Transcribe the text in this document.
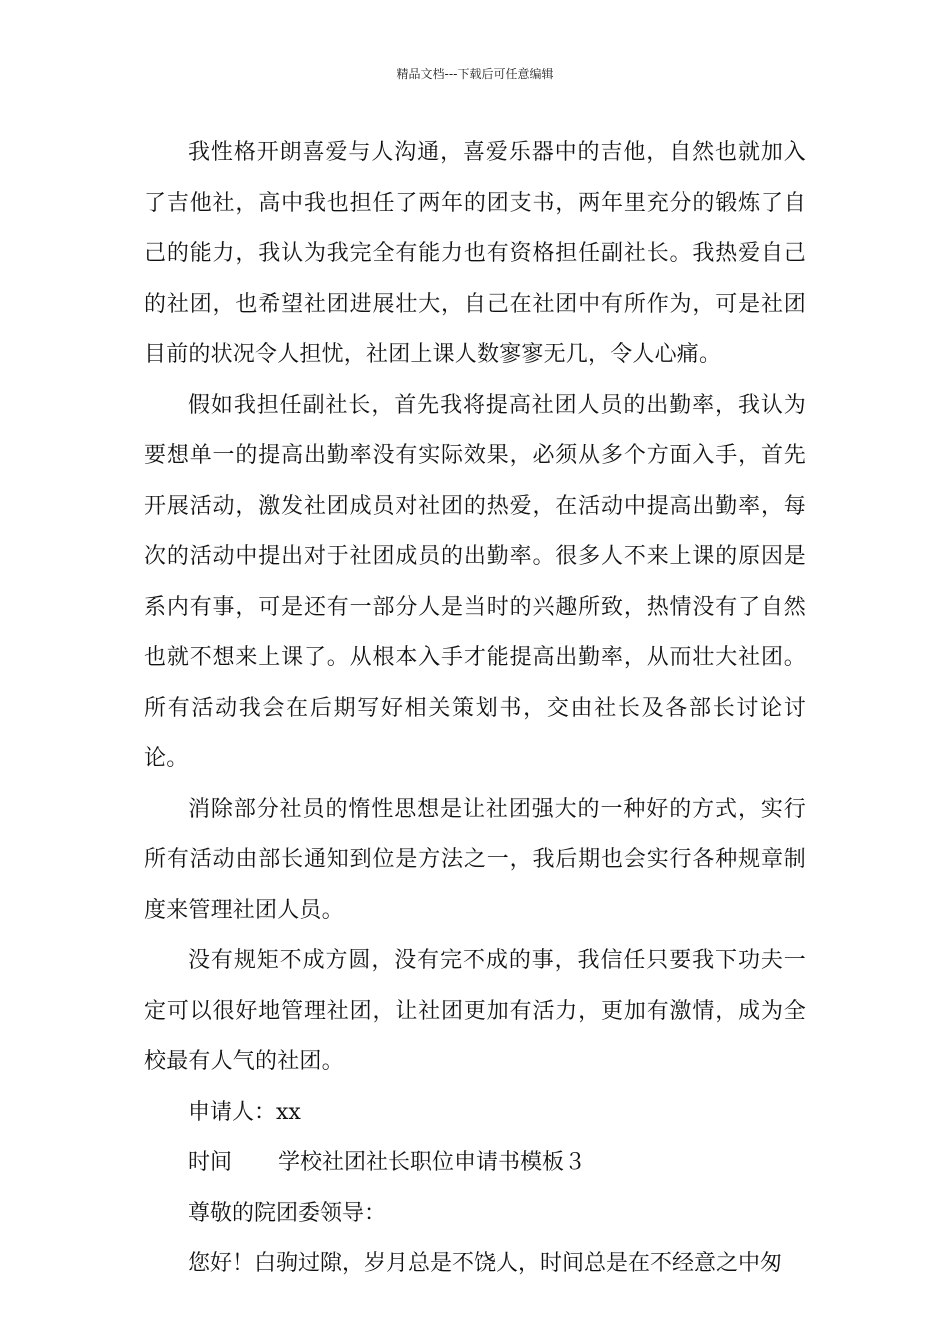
精品文档---下载后可任意编辑

我性格开朗喜爱与人沟通，喜爱乐器中的吉他，自然也就加入了吉他社，高中我也担任了两年的团支书，两年里充分的锻炼了自己的能力，我认为我完全有能力也有资格担任副社长。我热爱自己的社团，也希望社团进展壮大，自己在社团中有所作为，可是社团目前的状况令人担忧，社团上课人数寥寥无几，令人心痛。

假如我担任副社长，首先我将提高社团人员的出勤率，我认为要想单一的提高出勤率没有实际效果，必须从多个方面入手，首先开展活动，激发社团成员对社团的热爱，在活动中提高出勤率，每次的活动中提出对于社团成员的出勤率。很多人不来上课的原因是系内有事，可是还有一部分人是当时的兴趣所致，热情没有了自然也就不想来上课了。从根本入手才能提高出勤率，从而壮大社团。所有活动我会在后期写好相关策划书，交由社长及各部长讨论讨论。

消除部分社员的惰性思想是让社团强大的一种好的方式，实行所有活动由部长通知到位是方法之一，我后期也会实行各种规章制度来管理社团人员。

没有规矩不成方圆，没有完不成的事，我信任只要我下功夫一定可以很好地管理社团，让社团更加有活力，更加有激情，成为全校最有人气的社团。

申请人：xx

时间 学校社团社长职位申请书模板３

尊敬的院团委领导：

您好！白驹过隙，岁月总是不饶人，时间总是在不经意之中匆
